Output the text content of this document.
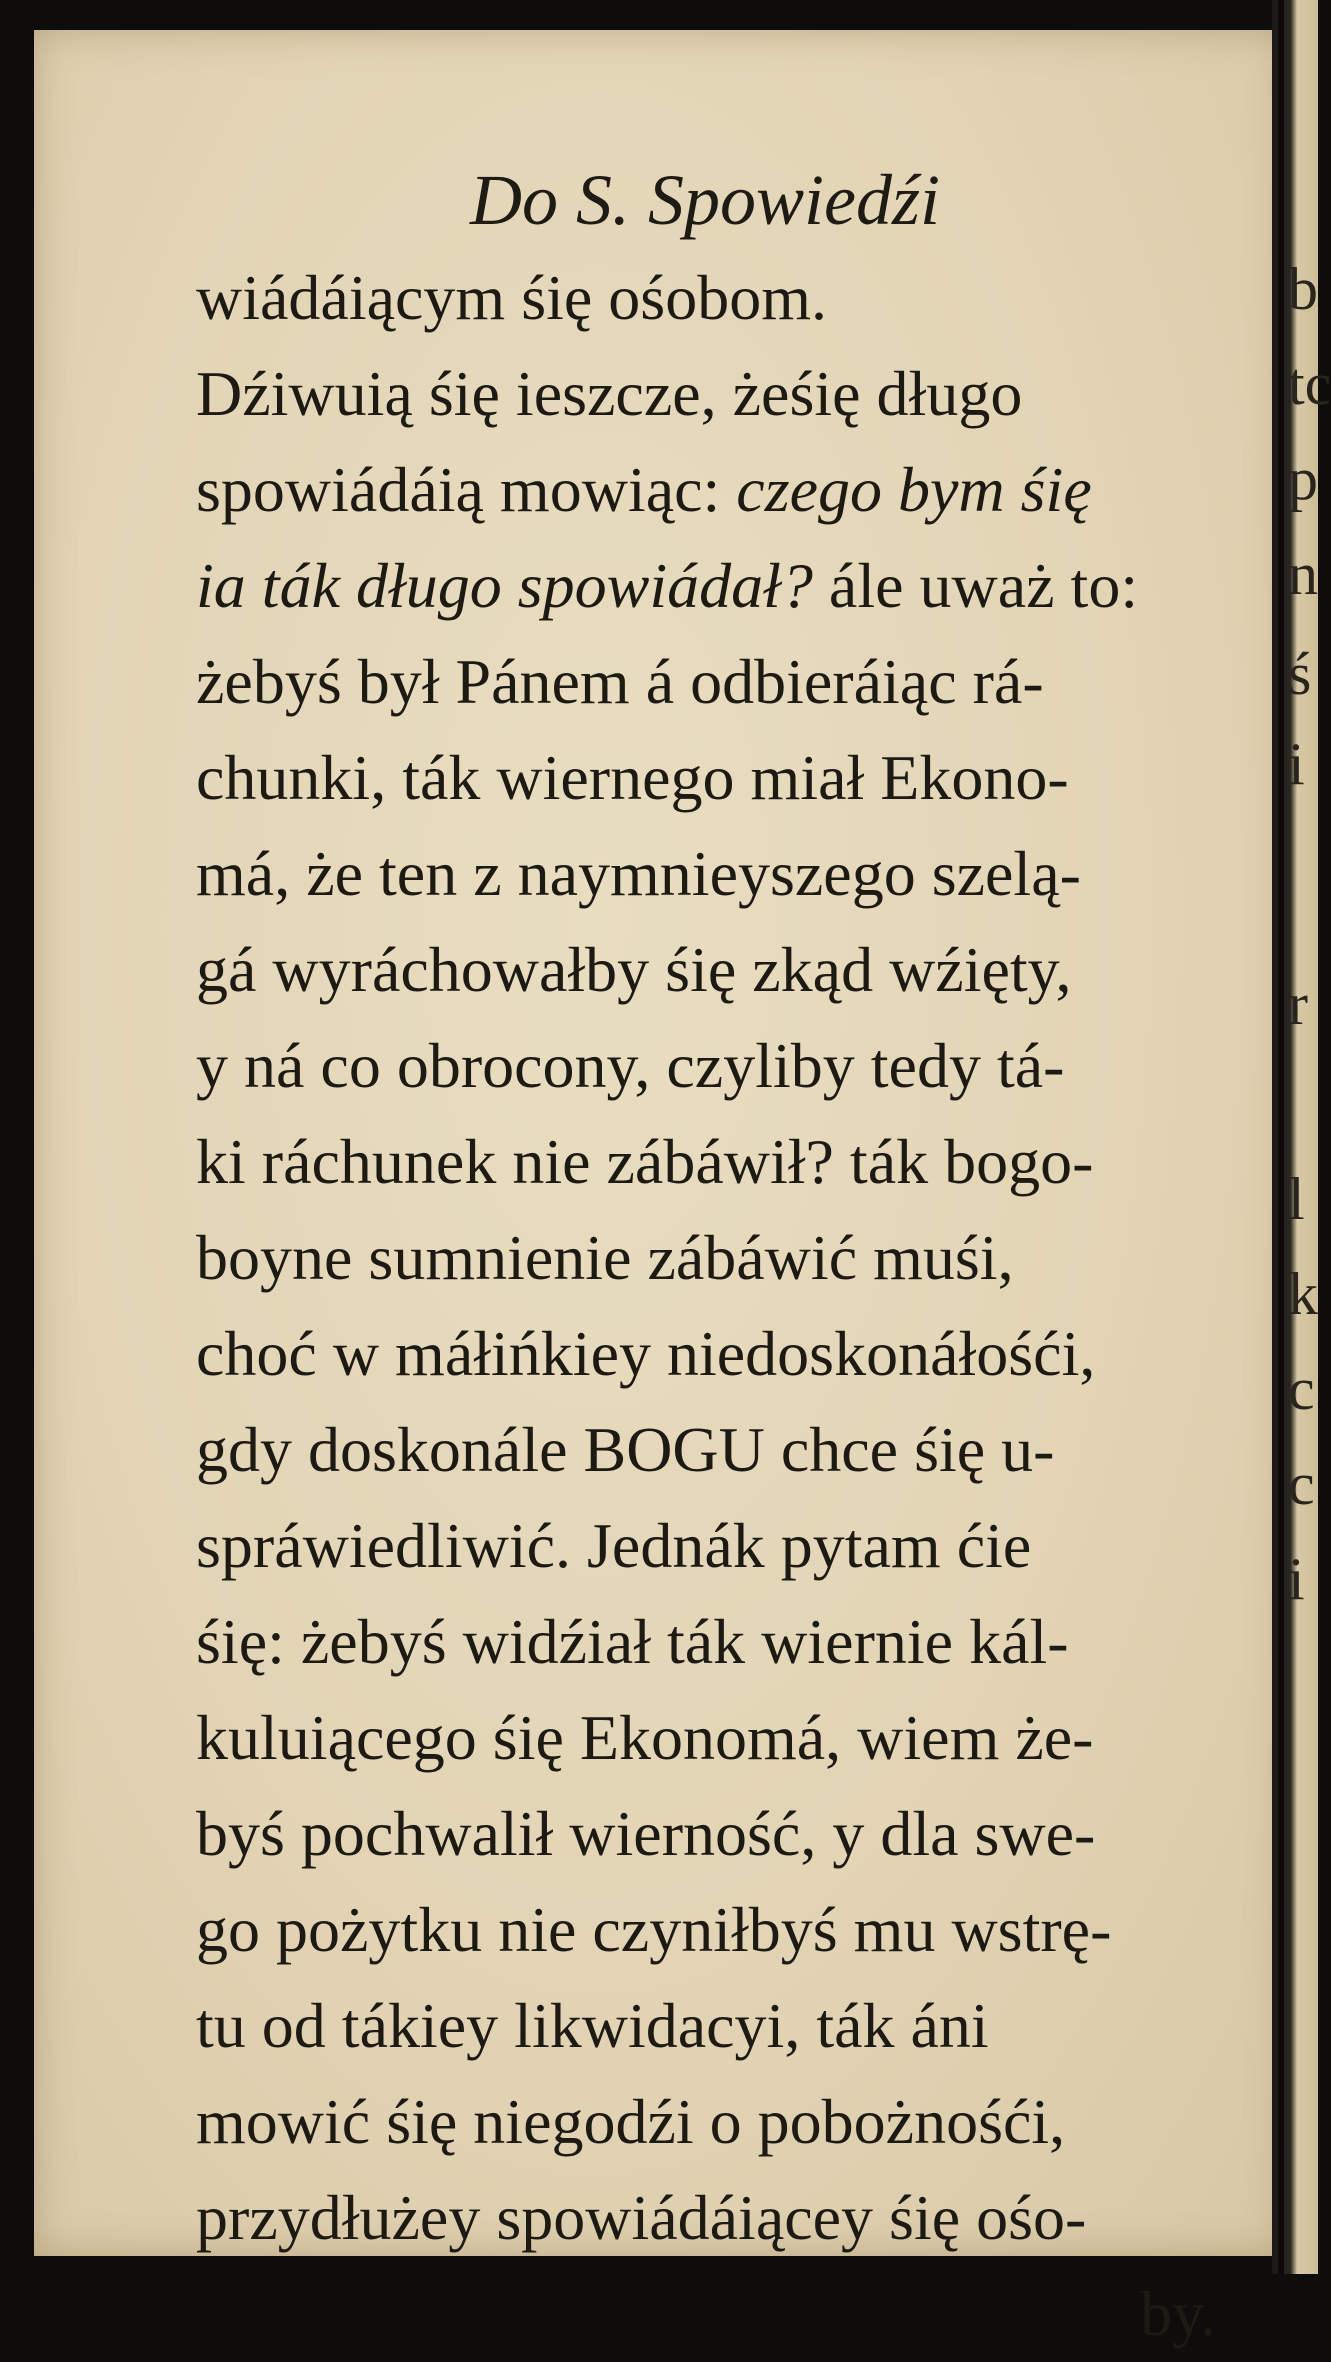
Do S. Spowiedźi
wiádáiącym śię ośobom.
Dźiwuią śię ieszcze, żeśię długo
spowiádáią mowiąc: czego bym śię
ia ták długo spowiádał? ále uważ to:
żebyś był Pánem á odbieráiąc rá-
chunki, ták wiernego miał Ekono-
má, że ten z naymnieyszego szelą-
gá wyráchowałby śię zkąd wźięty,
y ná co obrocony, czyliby tedy tá-
ki ráchunek nie zábáwił? ták bogo-
boyne sumnienie zábáwić muśi,
choć w máłińkiey niedoskonáłośći,
gdy doskonále BOGU chce śię u-
spráwiedliwić. Jednák pytam ćie
śię: żebyś widźiał ták wiernie kál-
kuluiącego śię Ekonomá, wiem że-
byś pochwalił wierność, y dla swe-
go pożytku nie czyniłbyś mu wstrę-
tu od tákiey likwidacyi, ták áni
mowić śię niegodźi o pobożnośći,
przydłużey spowiádáiącey śię ośo-
by.
b
tc
p
n
ś
i
r
l
k
c
c
i
